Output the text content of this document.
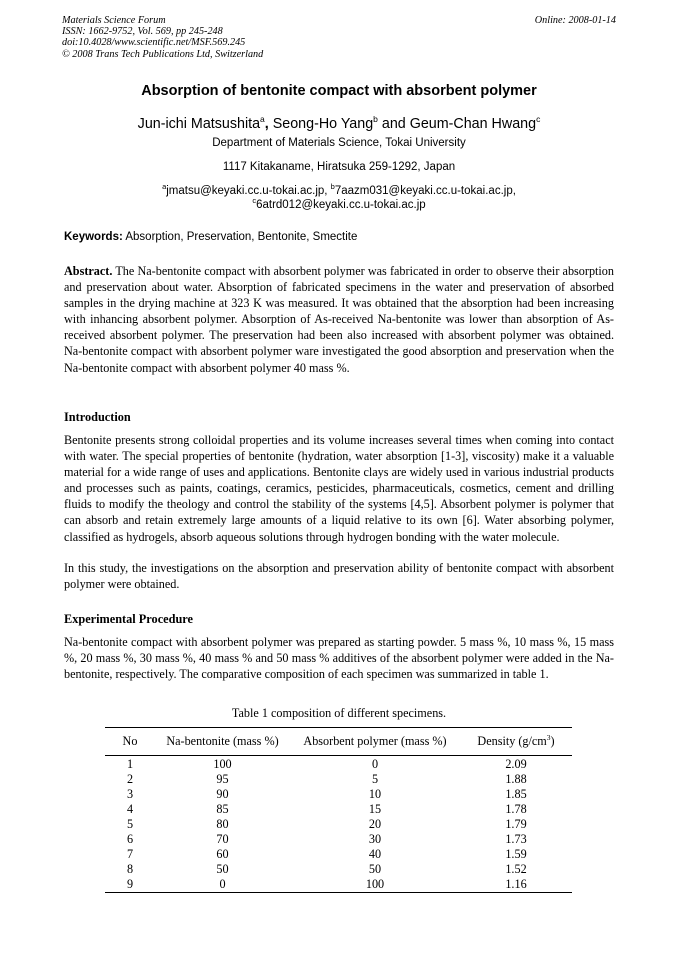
Materials Science Forum
ISSN: 1662-9752, Vol. 569, pp 245-248
doi:10.4028/www.scientific.net/MSF.569.245
© 2008 Trans Tech Publications Ltd, Switzerland
Online: 2008-01-14
Absorption of bentonite compact with absorbent polymer
Jun-ichi Matsushita$^a$, Seong-Ho Yang$^b$ and Geum-Chan Hwang$^c$
Department of Materials Science, Tokai University
1117 Kitakaname, Hiratsuka 259-1292, Japan
$^a$jmatsu@keyaki.cc.u-tokai.ac.jp, $^b$7aazm031@keyaki.cc.u-tokai.ac.jp,
$^c$6atrd012@keyaki.cc.u-tokai.ac.jp
Keywords: Absorption, Preservation, Bentonite, Smectite
Abstract. The Na-bentonite compact with absorbent polymer was fabricated in order to observe their absorption and preservation about water. Absorption of fabricated specimens in the water and preservation of absorbed samples in the drying machine at 323 K was measured. It was obtained that the absorption had been increasing with inhancing absorbent polymer. Absorption of As-received Na-bentonite was lower than absorption of As-received absorbent polymer. The preservation had been also increased with absorbent polymer was obtained. Na-bentonite compact with absorbent polymer ware investigated the good absorption and preservation when the Na-bentonite compact with absorbent polymer 40 mass %.
Introduction
Bentonite presents strong colloidal properties and its volume increases several times when coming into contact with water. The special properties of bentonite (hydration, water absorption [1-3], viscosity) make it a valuable material for a wide range of uses and applications. Bentonite clays are widely used in various industrial products and processes such as paints, coatings, ceramics, pesticides, pharmaceuticals, cosmetics, cement and drilling fluids to modify the theology and control the stability of the systems [4,5]. Absorbent polymer is polymer that can absorb and retain extremely large amounts of a liquid relative to its own [6]. Water absorbing polymer, classified as hydrogels, absorb aqueous solutions through hydrogen bonding with the water molecule.
In this study, the investigations on the absorption and preservation ability of bentonite compact with absorbent polymer were obtained.
Experimental Procedure
Na-bentonite compact with absorbent polymer was prepared as starting powder. 5 mass %, 10 mass %, 15 mass %, 20 mass %, 30 mass %, 40 mass % and 50 mass % additives of the absorbent polymer were added in the Na-bentonite, respectively. The comparative composition of each specimen was summarized in table 1.
Table 1 composition of different specimens.
No	Na-bentonite (mass %)	Absorbent polymer (mass %)	Density $(g/cm^3)$
1	100	0	2.09
2	95	5	1.88
3	90	10	1.85
4	85	15	1.78
5	80	20	1.79
6	70	30	1.73
7	60	40	1.59
8	50	50	1.52
9	0	100	1.16
